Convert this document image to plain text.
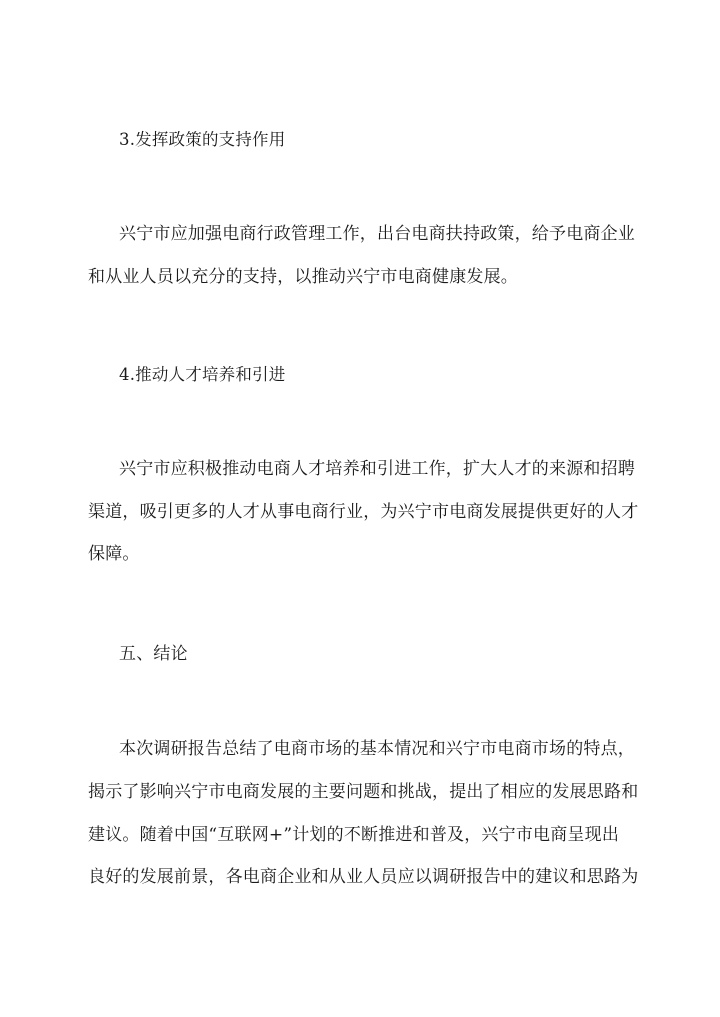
3.发挥政策的支持作用
兴宁市应加强电商行政管理工作，出台电商扶持政策，给予电商企业
和从业人员以充分的支持，以推动兴宁市电商健康发展。
4.推动人才培养和引进
兴宁市应积极推动电商人才培养和引进工作，扩大人才的来源和招聘
渠道，吸引更多的人才从事电商行业，为兴宁市电商发展提供更好的人才
保障。
五、结论
本次调研报告总结了电商市场的基本情况和兴宁市电商市场的特点，
揭示了影响兴宁市电商发展的主要问题和挑战，提出了相应的发展思路和
建议。随着中国“互联网+”计划的不断推进和普及，兴宁市电商呈现出
良好的发展前景，各电商企业和从业人员应以调研报告中的建议和思路为
